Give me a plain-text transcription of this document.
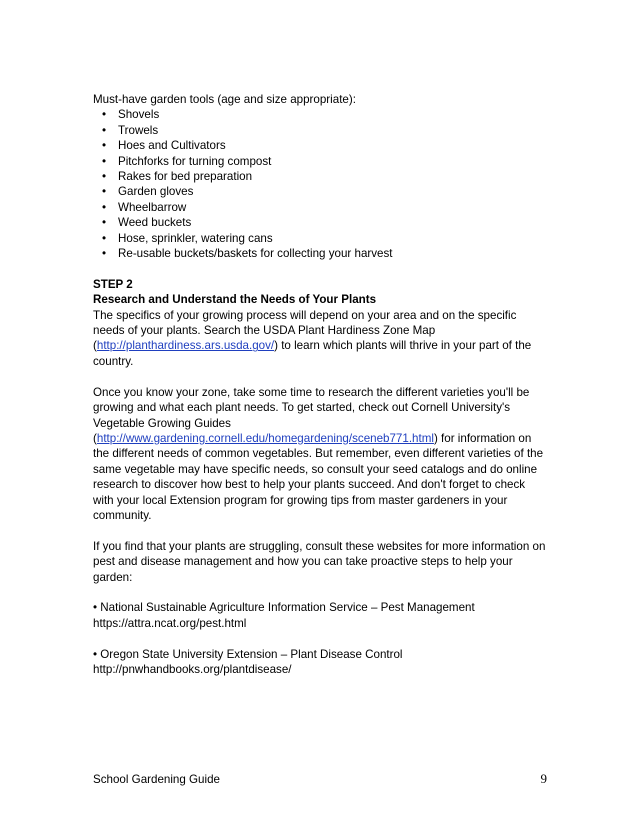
Must-have garden tools (age and size appropriate):

• Shovels
• Trowels
• Hoes and Cultivators
• Pitchforks for turning compost
• Rakes for bed preparation
• Garden gloves
• Wheelbarrow
• Weed buckets
• Hose, sprinkler, watering cans
• Re-usable buckets/baskets for collecting your harvest

STEP 2

Research and Understand the Needs of Your Plants

The specifics of your growing process will depend on your area and on the specific needs of your plants. Search the USDA Plant Hardiness Zone Map (http://planthardiness.ars.usda.gov/) to learn which plants will thrive in your part of the country.

Once you know your zone, take some time to research the different varieties you'll be growing and what each plant needs. To get started, check out Cornell University's Vegetable Growing Guides (http://www.gardening.cornell.edu/homegardening/sceneb771.html) for information on the different needs of common vegetables. But remember, even different varieties of the same vegetable may have specific needs, so consult your seed catalogs and do online research to discover how best to help your plants succeed. And don't forget to check with your local Extension program for growing tips from master gardeners in your community.

If you find that your plants are struggling, consult these websites for more information on pest and disease management and how you can take proactive steps to help your garden:

• National Sustainable Agriculture Information Service – Pest Management

https://attra.ncat.org/pest.html

• Oregon State University Extension – Plant Disease Control

http://pnwhandbooks.org/plantdisease/

School Gardening Guide	9
